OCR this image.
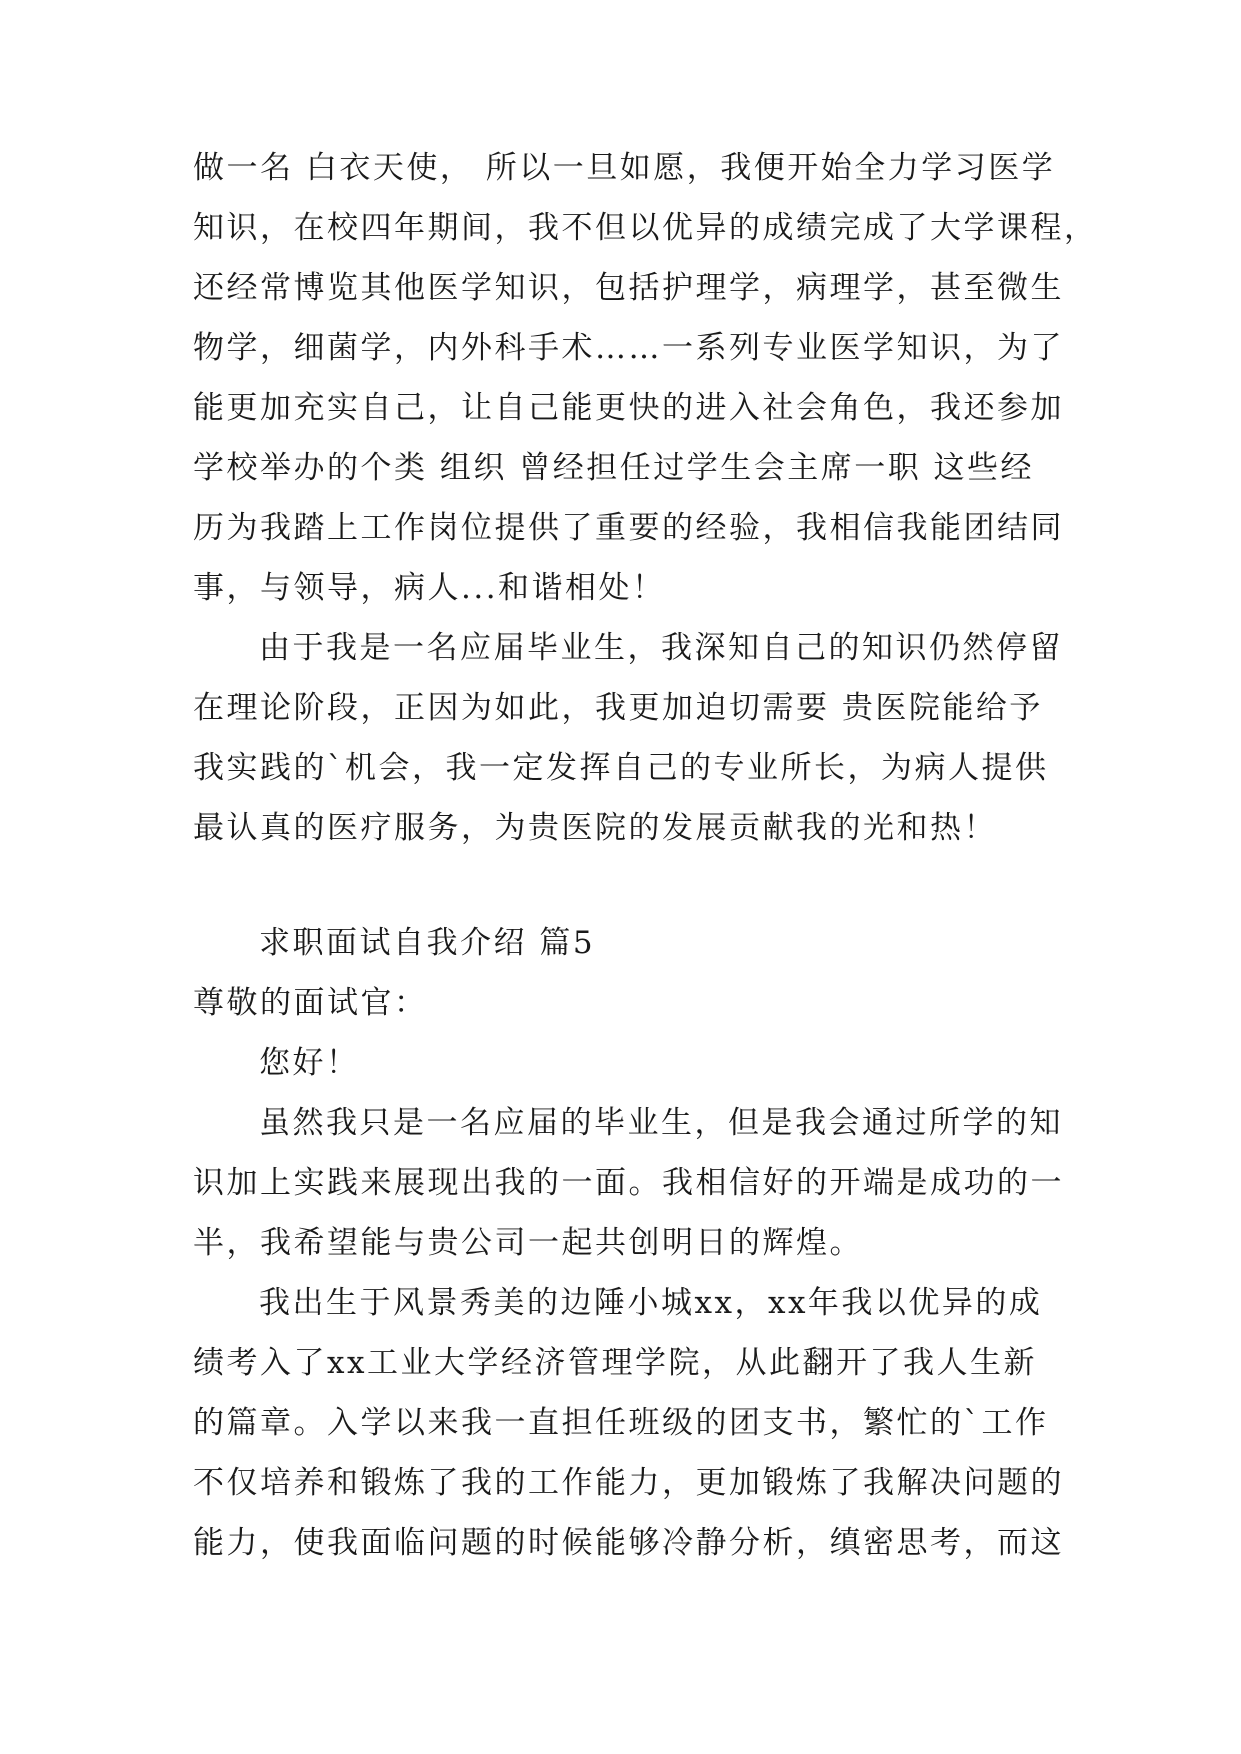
做一名 白衣天使， 所以一旦如愿，我便开始全力学习医学
知识，在校四年期间，我不但以优异的成绩完成了大学课程，
还经常博览其他医学知识，包括护理学，病理学，甚至微生
物学，细菌学，内外科手术……一系列专业医学知识，为了
能更加充实自己，让自己能更快的进入社会角色，我还参加
学校举办的个类 组织 曾经担任过学生会主席一职 这些经
历为我踏上工作岗位提供了重要的经验，我相信我能团结同
事，与领导，病人...和谐相处！
由于我是一名应届毕业生，我深知自己的知识仍然停留
在理论阶段，正因为如此，我更加迫切需要 贵医院能给予
我实践的`机会，我一定发挥自己的专业所长，为病人提供
最认真的医疗服务，为贵医院的发展贡献我的光和热！
求职面试自我介绍 篇5
尊敬的面试官：
您好！
虽然我只是一名应届的毕业生，但是我会通过所学的知
识加上实践来展现出我的一面。我相信好的开端是成功的一
半，我希望能与贵公司一起共创明日的辉煌。
我出生于风景秀美的边陲小城xx，xx年我以优异的成
绩考入了xx工业大学经济管理学院，从此翻开了我人生新
的篇章。入学以来我一直担任班级的团支书，繁忙的`工作
不仅培养和锻炼了我的工作能力，更加锻炼了我解决问题的
能力，使我面临问题的时候能够冷静分析，缜密思考，而这
